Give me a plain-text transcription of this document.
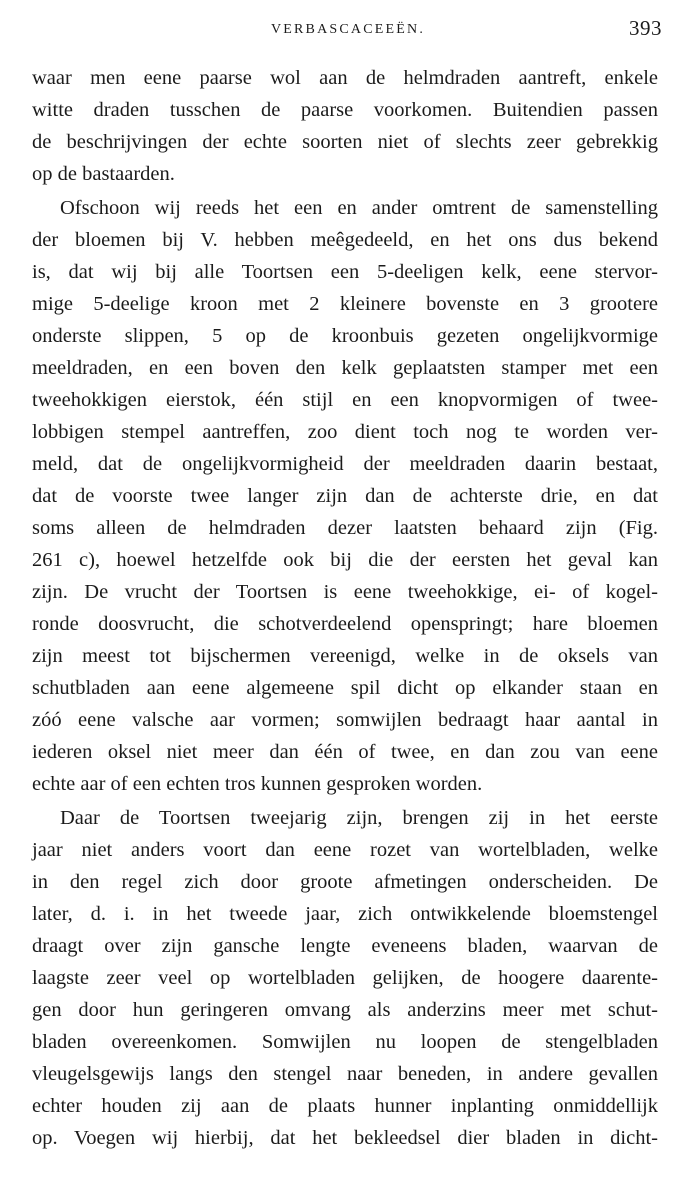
VERBASCACEEËN.	393
waar men eene paarse wol aan de helmdraden aantreft, enkele
witte draden tusschen de paarse voorkomen. Buitendien passen
de beschrijvingen der echte soorten niet of slechts zeer gebrekkig
op de bastaarden.
Ofschoon wij reeds het een en ander omtrent de samenstelling
der bloemen bij V. hebben meêgedeeld, en het ons dus bekend
is, dat wij bij alle Toortsen een 5-deeligen kelk, eene stervor-
mige 5-deelige kroon met 2 kleinere bovenste en 3 grootere
onderste slippen, 5 op de kroonbuis gezeten ongelijkvormige
meeldraden, en een boven den kelk geplaatsten stamper met een
tweehokkigen eierstok, één stijl en een knopvormigen of twee-
lobbigen stempel aantreffen, zoo dient toch nog te worden ver-
meld, dat de ongelijkvormigheid der meeldraden daarin bestaat,
dat de voorste twee langer zijn dan de achterste drie, en dat
soms alleen de helmdraden dezer laatsten behaard zijn (Fig.
261 c), hoewel hetzelfde ook bij die der eersten het geval kan
zijn. De vrucht der Toortsen is eene tweehokkige, ei- of kogel-
ronde doosvrucht, die schotverdeelend openspringt; hare bloemen
zijn meest tot bijschermen vereenigd, welke in de oksels van
schutbladen aan eene algemeene spil dicht op elkander staan en
zóó eene valsche aar vormen; somwijlen bedraagt haar aantal in
iederen oksel niet meer dan één of twee, en dan zou van eene
echte aar of een echten tros kunnen gesproken worden.
Daar de Toortsen tweejarig zijn, brengen zij in het eerste
jaar niet anders voort dan eene rozet van wortelbladen, welke
in den regel zich door groote afmetingen onderscheiden. De
later, d. i. in het tweede jaar, zich ontwikkelende bloemstengel
draagt over zijn gansche lengte eveneens bladen, waarvan de
laagste zeer veel op wortelbladen gelijken, de hoogere daarente-
gen door hun geringeren omvang als anderzins meer met schut-
bladen overeenkomen. Somwijlen nu loopen de stengelbladen
vleugelsgewijs langs den stengel naar beneden, in andere gevallen
echter houden zij aan de plaats hunner inplanting onmiddellijk
op. Voegen wij hierbij, dat het bekleedsel dier bladen in dicht-
